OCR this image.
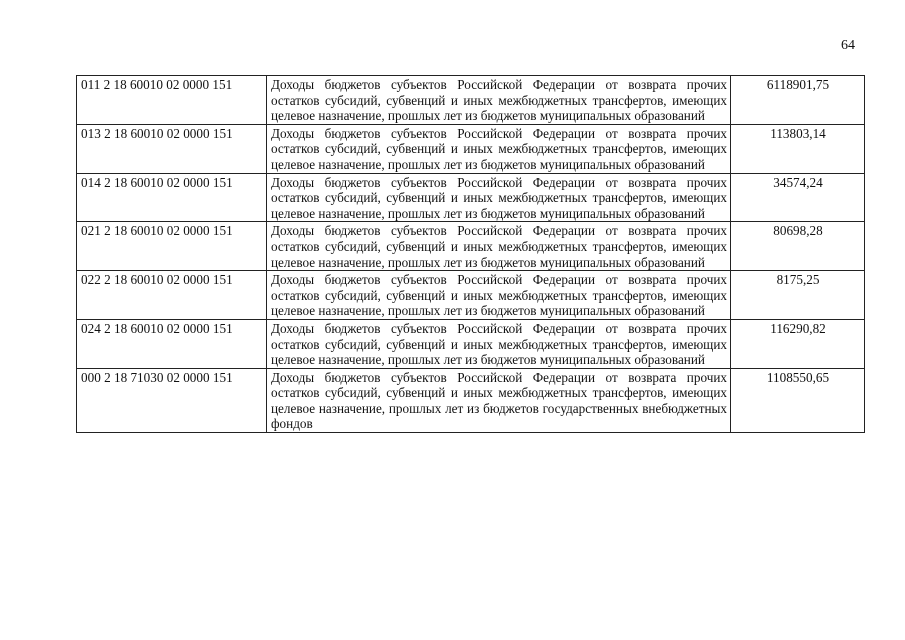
64
011 2 18 60010 02 0000 151	Доходы бюджетов субъектов Российской Федерации от возврата прочих остатков субсидий, субвенций и иных межбюджетных трансфертов, имеющих целевое назначение, прошлых лет из бюджетов муниципальных образований	6118901,75
013 2 18 60010 02 0000 151	Доходы бюджетов субъектов Российской Федерации от возврата прочих остатков субсидий, субвенций и иных межбюджетных трансфертов, имеющих целевое назначение, прошлых лет из бюджетов муниципальных образований	113803,14
014 2 18 60010 02 0000 151	Доходы бюджетов субъектов Российской Федерации от возврата прочих остатков субсидий, субвенций и иных межбюджетных трансфертов, имеющих целевое назначение, прошлых лет из бюджетов муниципальных образований	34574,24
021 2 18 60010 02 0000 151	Доходы бюджетов субъектов Российской Федерации от возврата прочих остатков субсидий, субвенций и иных межбюджетных трансфертов, имеющих целевое назначение, прошлых лет из бюджетов муниципальных образований	80698,28
022 2 18 60010 02 0000 151	Доходы бюджетов субъектов Российской Федерации от возврата прочих остатков субсидий, субвенций и иных межбюджетных трансфертов, имеющих целевое назначение, прошлых лет из бюджетов муниципальных образований	8175,25
024 2 18 60010 02 0000 151	Доходы бюджетов субъектов Российской Федерации от возврата прочих остатков субсидий, субвенций и иных межбюджетных трансфертов, имеющих целевое назначение, прошлых лет из бюджетов муниципальных образований	116290,82
000 2 18 71030 02 0000 151	Доходы бюджетов субъектов Российской Федерации от возврата прочих остатков субсидий, субвенций и иных межбюджетных трансфертов, имеющих целевое назначение, прошлых лет из бюджетов государственных внебюджетных фондов	1108550,65
